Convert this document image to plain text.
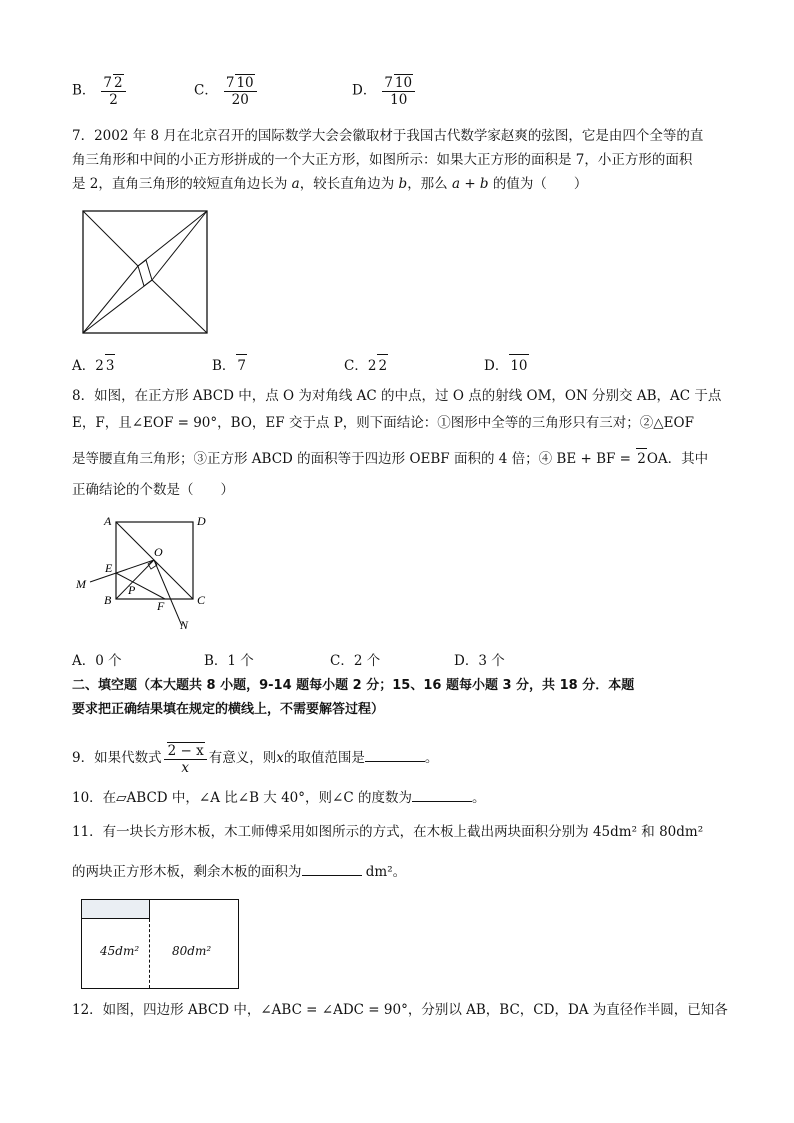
B． $\frac{7 2}{2}$	C． $\frac{7 10}{20}$	D． $\frac{7 10}{10}$
7．2002 年 8 月在北京召开的国际数学大会会徽取材于我国古代数学家赵爽的弦图，它是由四个全等的直
角三角形和中间的小正方形拼成的一个大正方形，如图所示：如果大正方形的面积是 7，小正方形的面积
是 2，直角三角形的较短直角边长为 a，较长直角边为 b，那么 a + b 的值为（　　）
A．2 3	B． 7	C．2 2	D． 10
8．如图，在正方形 ABCD 中，点 O 为对角线 AC 的中点，过 O 点的射线 OM，ON 分别交 AB，AC 于点
E，F，且∠EOF = 90°，BO，EF 交于点 P，则下面结论：①图形中全等的三角形只有三对；②△EOF
是等腰直角三角形；③正方形 ABCD 的面积等于四边形 OEBF 面积的 4 倍；④ BE + BF = 2OA．其中
正确结论的个数是（　　）
A	D
O
E
M	P
B	F	C
N
A．0 个	B．1 个	C．2 个	D．3 个
二、填空题（本大题共 8 小题，9-14 题每小题 2 分；15、16 题每小题 3 分，共 18 分．本题
要求把正确结果填在规定的横线上，不需要解答过程）
9．如果代数式 $\frac{2 - x}{x}$ 有意义，则x的取值范围是	。
10．在▱ABCD 中，∠A 比∠B 大 40°，则∠C 的度数为	。
11．有一块长方形木板，木工师傅采用如图所示的方式，在木板上截出两块面积分别为 45dm² 和 80dm²
的两块正方形木板，剩余木板的面积为	dm²。
45dm²	80dm²
12．如图，四边形 ABCD 中，∠ABC = ∠ADC = 90°，分别以 AB，BC，CD，DA 为直径作半圆，已知各
